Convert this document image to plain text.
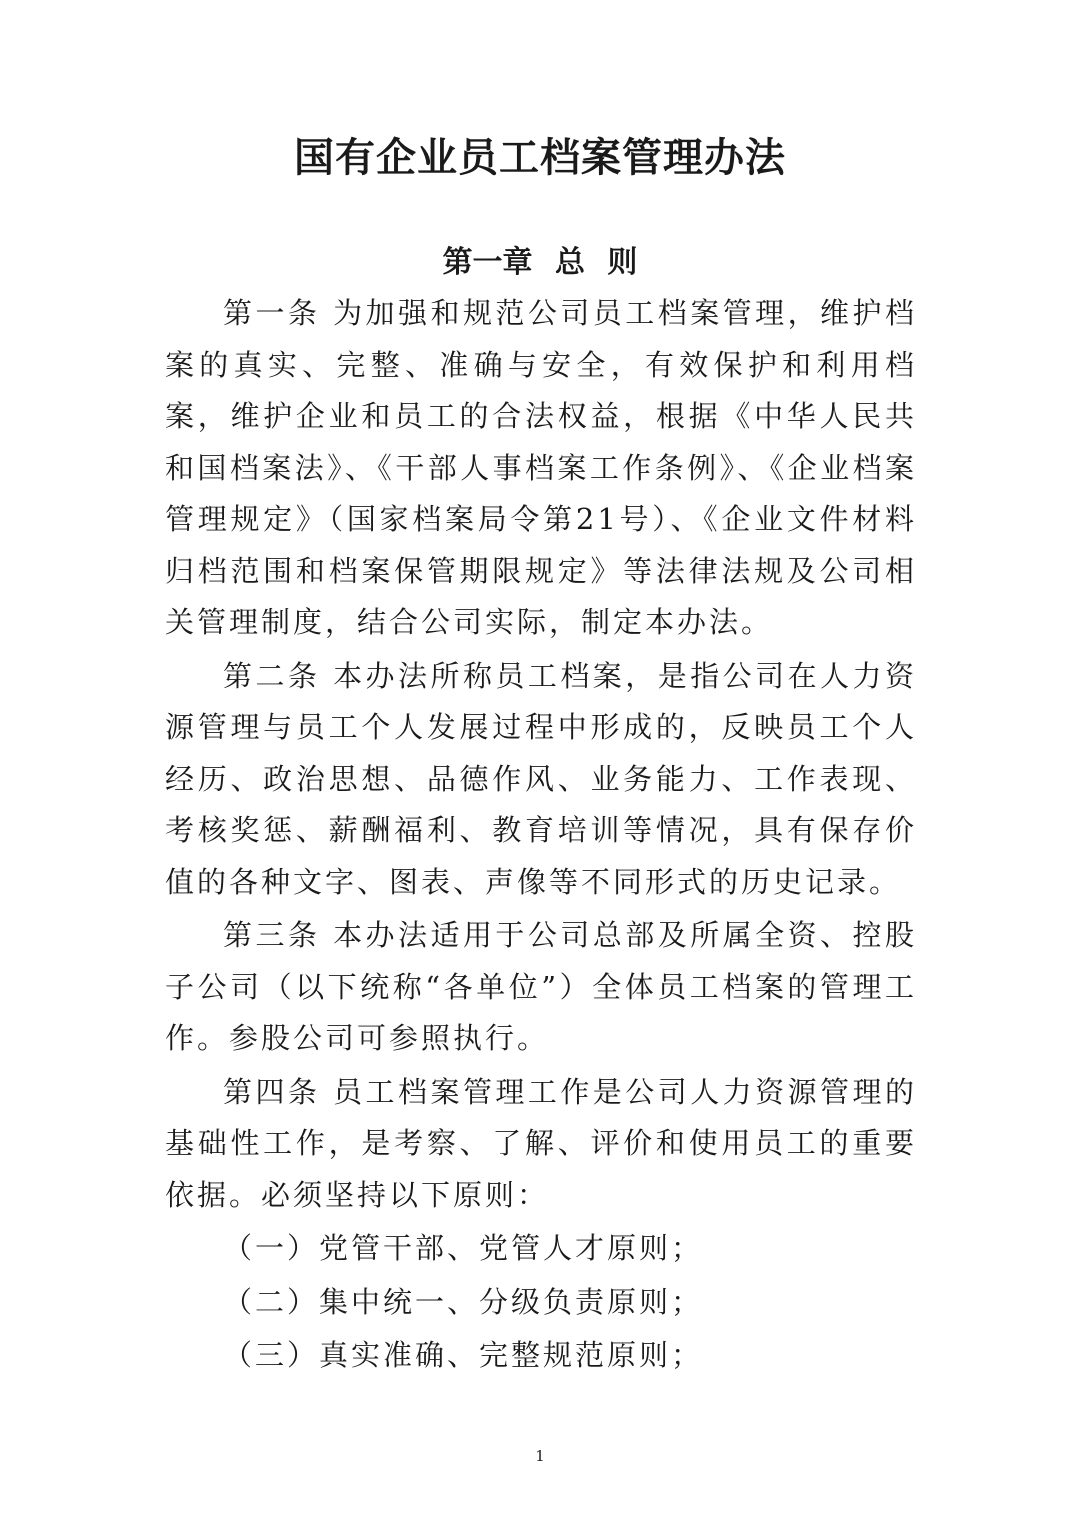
国有企业员工档案管理办法
第一章 总 则

第一条 为加强和规范公司员工档案管理，维护档案的真实、完整、准确与安全，有效保护和利用档案，维护企业和员工的合法权益，根据《中华人民共和国档案法》、《干部人事档案工作条例》、《企业档案管理规定》（国家档案局令第21号）、《企业文件材料归档范围和档案保管期限规定》等法律法规及公司相关管理制度，结合公司实际，制定本办法。

第二条 本办法所称员工档案，是指公司在人力资源管理与员工个人发展过程中形成的，反映员工个人经历、政治思想、品德作风、业务能力、工作表现、考核奖惩、薪酬福利、教育培训等情况，具有保存价值的各种文字、图表、声像等不同形式的历史记录。

第三条 本办法适用于公司总部及所属全资、控股子公司（以下统称“各单位”）全体员工档案的管理工作。参股公司可参照执行。

第四条 员工档案管理工作是公司人力资源管理的基础性工作，是考察、了解、评价和使用员工的重要依据。必须坚持以下原则：

（一）党管干部、党管人才原则；

（二）集中统一、分级负责原则；

（三）真实准确、完整规范原则；

1
